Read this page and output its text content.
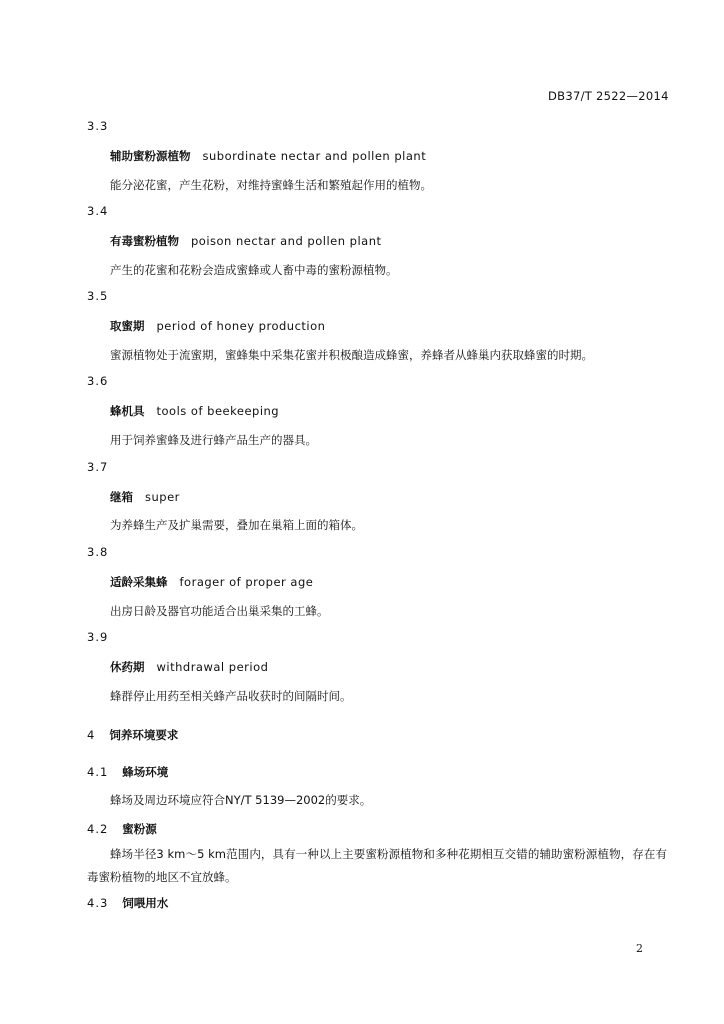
DB37/T 2522—2014
3.3
辅助蜜粉源植物 subordinate nectar and pollen plant
能分泌花蜜，产生花粉，对维持蜜蜂生活和繁殖起作用的植物。
3.4
有毒蜜粉植物 poison nectar and pollen plant
产生的花蜜和花粉会造成蜜蜂或人畜中毒的蜜粉源植物。
3.5
取蜜期 period of honey production
蜜源植物处于流蜜期，蜜蜂集中采集花蜜并积极酿造成蜂蜜，养蜂者从蜂巢内获取蜂蜜的时期。
3.6
蜂机具 tools of beekeeping
用于饲养蜜蜂及进行蜂产品生产的器具。
3.7
继箱 super
为养蜂生产及扩巢需要，叠加在巢箱上面的箱体。
3.8
适龄采集蜂 forager of proper age
出房日龄及器官功能适合出巢采集的工蜂。
3.9
休药期 withdrawal period
蜂群停止用药至相关蜂产品收获时的间隔时间。
4 饲养环境要求
4.1 蜂场环境
蜂场及周边环境应符合NY/T 5139—2002的要求。
4.2 蜜粉源
蜂场半径3 km～5 km范围内，具有一种以上主要蜜粉源植物和多种花期相互交错的辅助蜜粉源植物，存在有毒蜜粉植物的地区不宜放蜂。
4.3 饲喂用水
2
